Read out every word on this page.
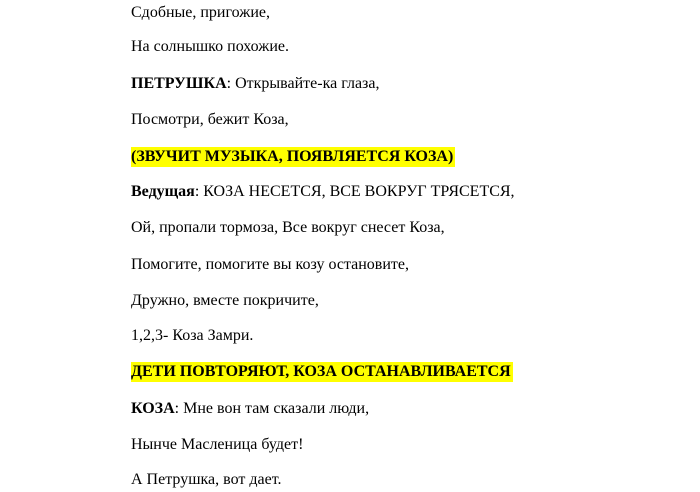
Сдобные, пригожие,
На солнышко похожие.
ПЕТРУШКА: Открывайте-ка глаза,
Посмотри, бежит Коза,
(ЗВУЧИТ МУЗЫКА, ПОЯВЛЯЕТСЯ КОЗА)
Ведущая: КОЗА НЕСЕТСЯ, ВСЕ ВОКРУГ ТРЯСЕТСЯ,
Ой, пропали тормоза, Все вокруг снесет Коза,
Помогите, помогите вы козу остановите,
Дружно, вместе покричите,
1,2,3- Коза Замри.
ДЕТИ ПОВТОРЯЮТ, КОЗА ОСТАНАВЛИВАЕТСЯ
КОЗА: Мне вон там сказали люди,
Нынче Масленица будет!
А Петрушка, вот дает.
